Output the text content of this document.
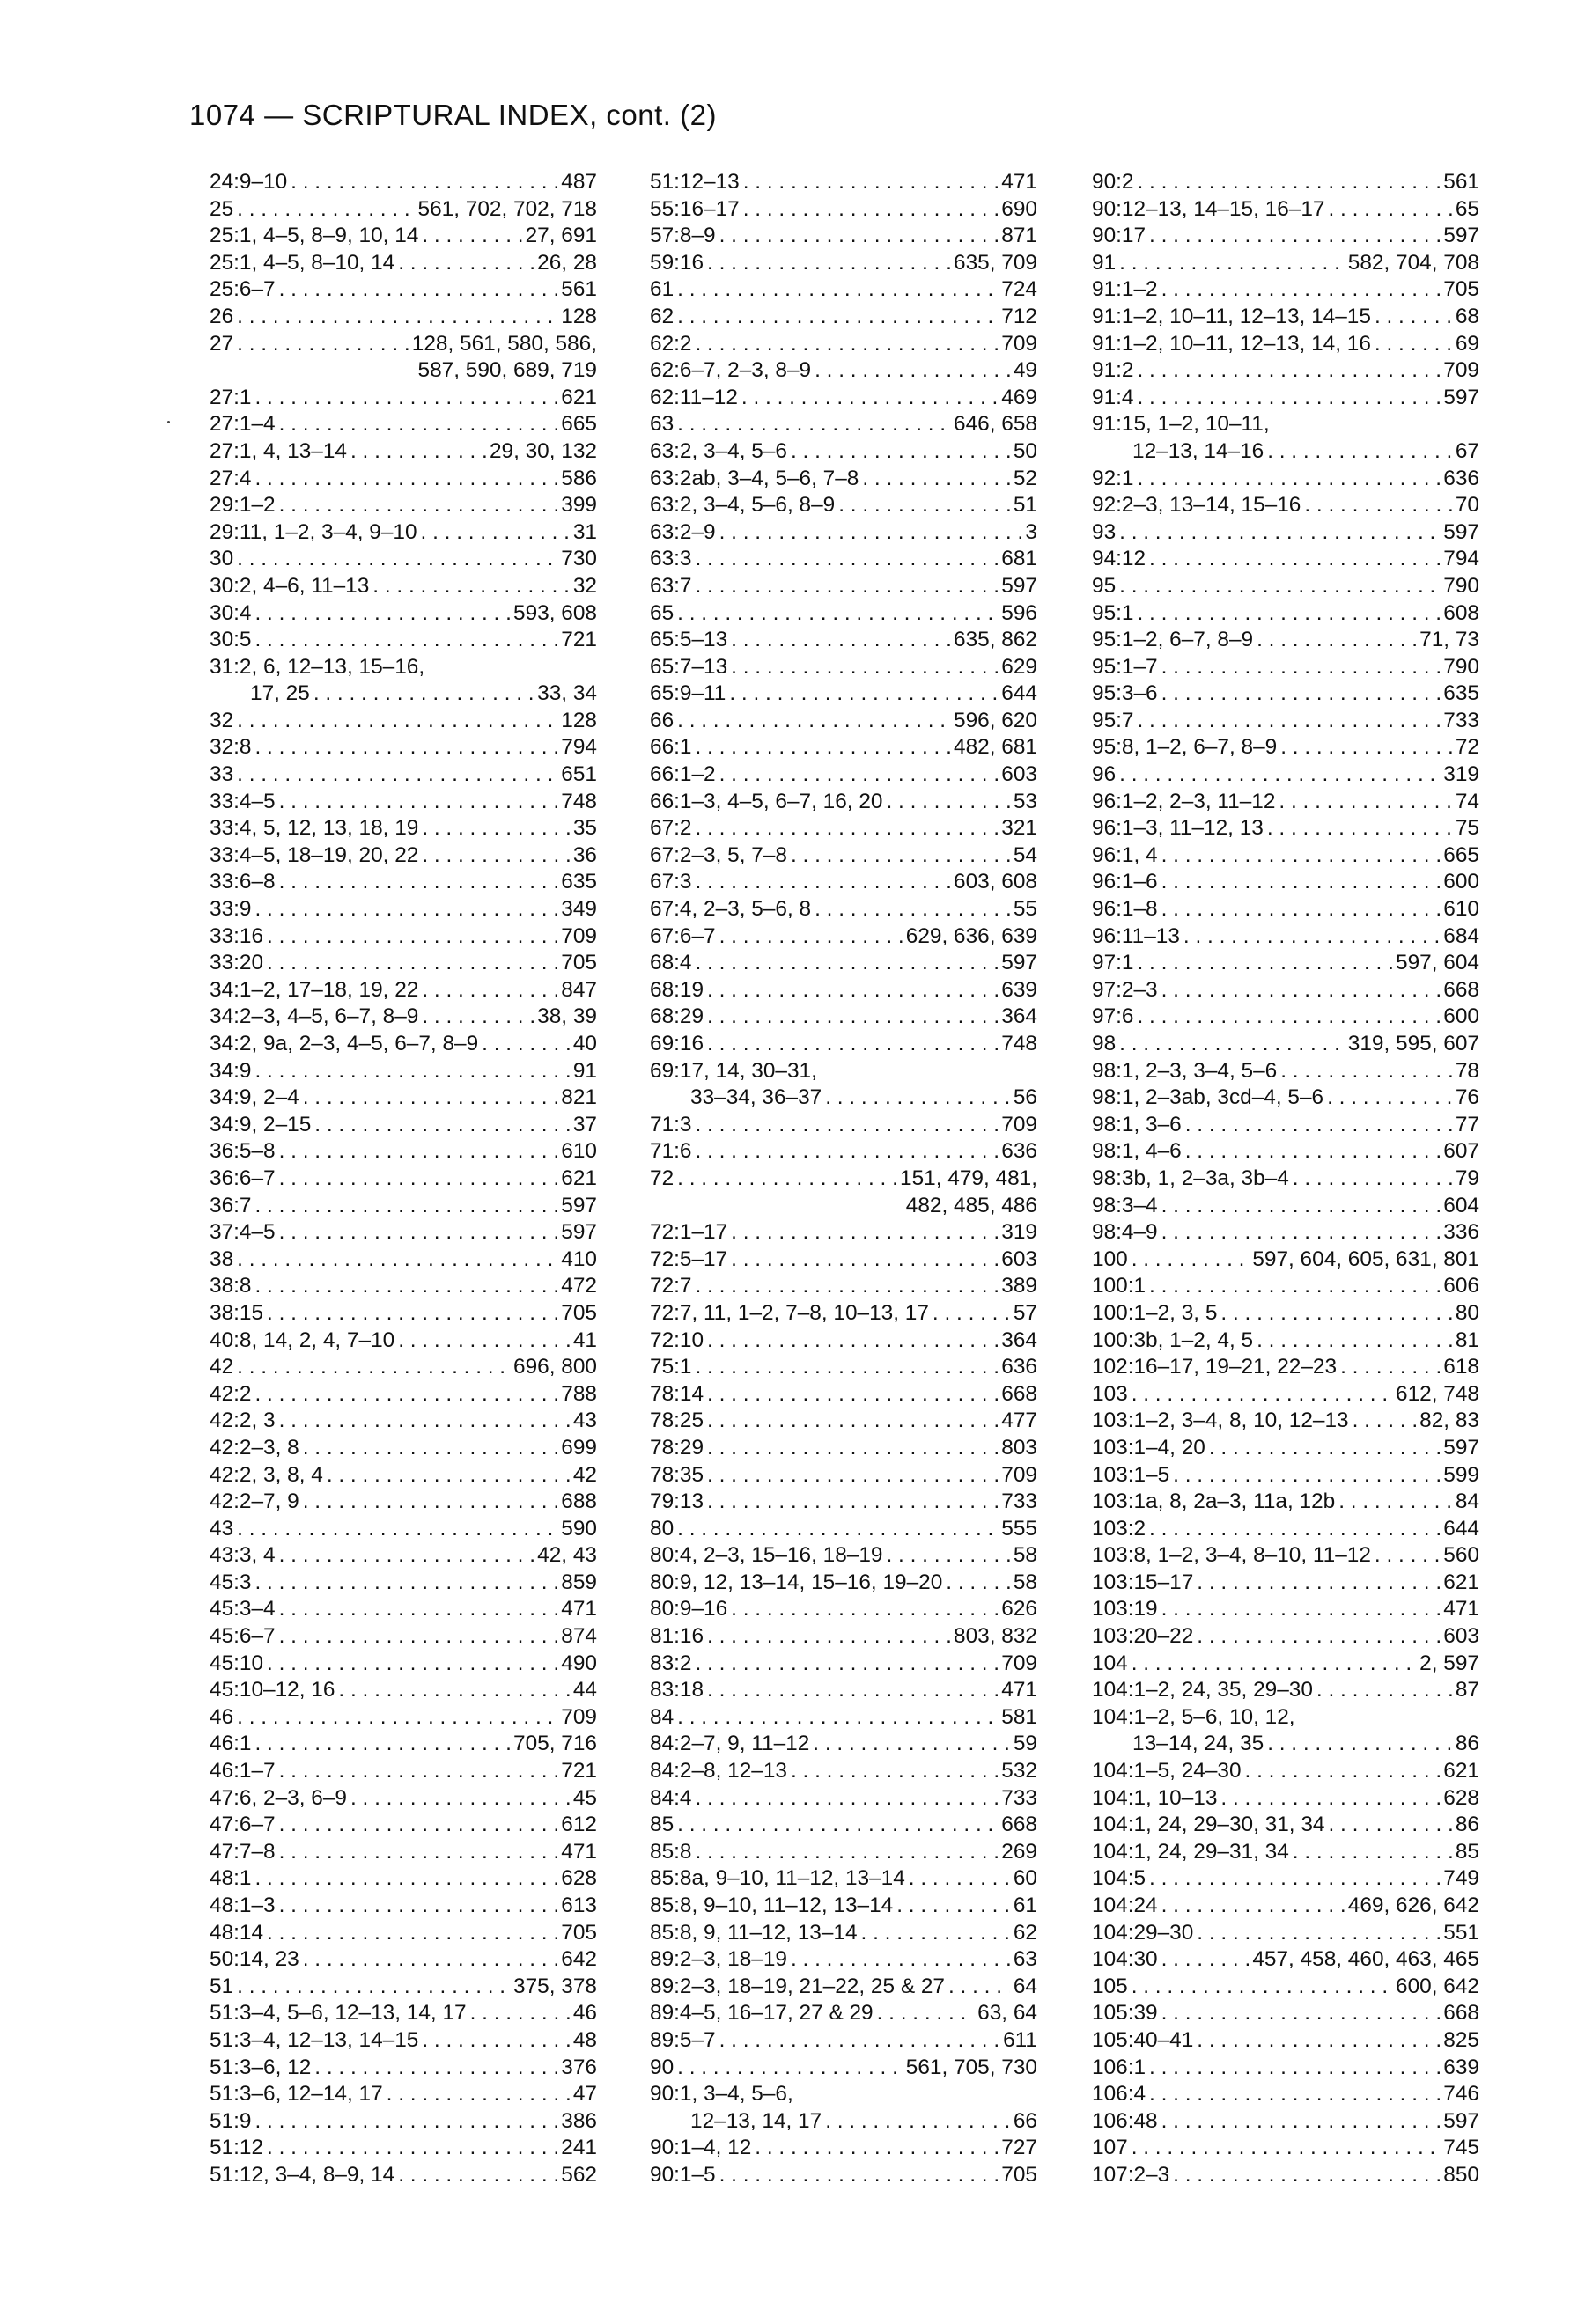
1074 — SCRIPTURAL INDEX, cont. (2)
24:9–10 . . .	487
25 . . .	561, 702, 702, 718
25:1, 4–5, 8–9, 10, 14 . . .	27, 691
25:1, 4–5, 8–10, 14 . . .	26, 28
25:6–7 . . .	561
26 . . .	128
27 . . .	128, 561, 580, 586,
587, 590, 689, 719
27:1 . . .	621
27:1–4 . . .	665
27:1, 4, 13–14 . . .	29, 30, 132
27:4 . . .	586
29:1–2 . . .	399
29:11, 1–2, 3–4, 9–10 . . .	31
30 . . .	730
30:2, 4–6, 11–13 . . .	32
30:4 . . .	593, 608
30:5 . . .	721
31:2, 6, 12–13, 15–16,
17, 25 . . .	33, 34
32 . . .	128
32:8 . . .	794
33 . . .	651
33:4–5 . . .	748
33:4, 5, 12, 13, 18, 19 . . .	35
33:4–5, 18–19, 20, 22 . . .	36
33:6–8 . . .	635
33:9 . . .	349
33:16 . . .	709
33:20 . . .	705
34:1–2, 17–18, 19, 22 . . .	847
34:2–3, 4–5, 6–7, 8–9 . . .	38, 39
34:2, 9a, 2–3, 4–5, 6–7, 8–9 . . .	40
34:9 . . .	91
34:9, 2–4 . . .	821
34:9, 2–15 . . .	37
36:5–8 . . .	610
36:6–7 . . .	621
36:7 . . .	597
37:4–5 . . .	597
38 . . .	410
38:8 . . .	472
38:15 . . .	705
40:8, 14, 2, 4, 7–10 . . .	41
42 . . .	696, 800
42:2 . . .	788
42:2, 3 . . .	43
42:2–3, 8 . . .	699
42:2, 3, 8, 4 . . .	42
42:2–7, 9 . . .	688
43 . . .	590
43:3, 4 . . .	42, 43
45:3 . . .	859
45:3–4 . . .	471
45:6–7 . . .	874
45:10 . . .	490
45:10–12, 16 . . .	44
46 . . .	709
46:1 . . .	705, 716
46:1–7 . . .	721
47:6, 2–3, 6–9 . . .	45
47:6–7 . . .	612
47:7–8 . . .	471
48:1 . . .	628
48:1–3 . . .	613
48:14 . . .	705
50:14, 23 . . .	642
51 . . .	375, 378
51:3–4, 5–6, 12–13, 14, 17 . . .	46
51:3–4, 12–13, 14–15 . . .	48
51:3–6, 12 . . .	376
51:3–6, 12–14, 17 . . .	47
51:9 . . .	386
51:12 . . .	241
51:12, 3–4, 8–9, 14 . . .	562
51:12–13 . . .	471
55:16–17 . . .	690
57:8–9 . . .	871
59:16 . . .	635, 709
61 . . .	724
62 . . .	712
62:2 . . .	709
62:6–7, 2–3, 8–9 . . .	49
62:11–12 . . .	469
63 . . .	646, 658
63:2, 3–4, 5–6 . . .	50
63:2ab, 3–4, 5–6, 7–8 . . .	52
63:2, 3–4, 5–6, 8–9 . . .	51
63:2–9 . . .	3
63:3 . . .	681
63:7 . . .	597
65 . . .	596
65:5–13 . . .	635, 862
65:7–13 . . .	629
65:9–11 . . .	644
66 . . .	596, 620
66:1 . . .	482, 681
66:1–2 . . .	603
66:1–3, 4–5, 6–7, 16, 20 . . .	53
67:2 . . .	321
67:2–3, 5, 7–8 . . .	54
67:3 . . .	603, 608
67:4, 2–3, 5–6, 8 . . .	55
67:6–7 . . .	629, 636, 639
68:4 . . .	597
68:19 . . .	639
68:29 . . .	364
69:16 . . .	748
69:17, 14, 30–31,
33–34, 36–37 . . .	56
71:3 . . .	709
71:6 . . .	636
72 . . .	151, 479, 481,
482, 485, 486
72:1–17 . . .	319
72:5–17 . . .	603
72:7 . . .	389
72:7, 11, 1–2, 7–8, 10–13, 17 . . .	57
72:10 . . .	364
75:1 . . .	636
78:14 . . .	668
78:25 . . .	477
78:29 . . .	803
78:35 . . .	709
79:13 . . .	733
80 . . .	555
80:4, 2–3, 15–16, 18–19 . . .	58
80:9, 12, 13–14, 15–16, 19–20 . . .	58
80:9–16 . . .	626
81:16 . . .	803, 832
83:2 . . .	709
83:18 . . .	471
84 . . .	581
84:2–7, 9, 11–12 . . .	59
84:2–8, 12–13 . . .	532
84:4 . . .	733
85 . . .	668
85:8 . . .	269
85:8a, 9–10, 11–12, 13–14 . . .	60
85:8, 9–10, 11–12, 13–14 . . .	61
85:8, 9, 11–12, 13–14 . . .	62
89:2–3, 18–19 . . .	63
89:2–3, 18–19, 21–22, 25 & 27 . . .	64
89:4–5, 16–17, 27 & 29 . . .	63, 64
89:5–7 . . .	611
90 . . .	561, 705, 730
90:1, 3–4, 5–6,
12–13, 14, 17 . . .	66
90:1–4, 12 . . .	727
90:1–5 . . .	705
90:2 . . .	561
90:12–13, 14–15, 16–17 . . .	65
90:17 . . .	597
91 . . .	582, 704, 708
91:1–2 . . .	705
91:1–2, 10–11, 12–13, 14–15 . . .	68
91:1–2, 10–11, 12–13, 14, 16 . . .	69
91:2 . . .	709
91:4 . . .	597
91:15, 1–2, 10–11,
12–13, 14–16 . . .	67
92:1 . . .	636
92:2–3, 13–14, 15–16 . . .	70
93 . . .	597
94:12 . . .	794
95 . . .	790
95:1 . . .	608
95:1–2, 6–7, 8–9 . . .	71, 73
95:1–7 . . .	790
95:3–6 . . .	635
95:7 . . .	733
95:8, 1–2, 6–7, 8–9 . . .	72
96 . . .	319
96:1–2, 2–3, 11–12 . . .	74
96:1–3, 11–12, 13 . . .	75
96:1, 4 . . .	665
96:1–6 . . .	600
96:1–8 . . .	610
96:11–13 . . .	684
97:1 . . .	597, 604
97:2–3 . . .	668
97:6 . . .	600
98 . . .	319, 595, 607
98:1, 2–3, 3–4, 5–6 . . .	78
98:1, 2–3ab, 3cd–4, 5–6 . . .	76
98:1, 3–6 . . .	77
98:1, 4–6 . . .	607
98:3b, 1, 2–3a, 3b–4 . . .	79
98:3–4 . . .	604
98:4–9 . . .	336
100 . . .	597, 604, 605, 631, 801
100:1 . . .	606
100:1–2, 3, 5 . . .	80
100:3b, 1–2, 4, 5 . . .	81
102:16–17, 19–21, 22–23 . . .	618
103 . . .	612, 748
103:1–2, 3–4, 8, 10, 12–13 . . .	82, 83
103:1–4, 20 . . .	597
103:1–5 . . .	599
103:1a, 8, 2a–3, 11a, 12b . . .	84
103:2 . . .	644
103:8, 1–2, 3–4, 8–10, 11–12 . . .	560
103:15–17 . . .	621
103:19 . . .	471
103:20–22 . . .	603
104 . . .	2, 597
104:1–2, 24, 35, 29–30 . . .	87
104:1–2, 5–6, 10, 12,
13–14, 24, 35 . . .	86
104:1–5, 24–30 . . .	621
104:1, 10–13 . . .	628
104:1, 24, 29–30, 31, 34 . . .	86
104:1, 24, 29–31, 34 . . .	85
104:5 . . .	749
104:24 . . .	469, 626, 642
104:29–30 . . .	551
104:30 . . .	457, 458, 460, 463, 465
105 . . .	600, 642
105:39 . . .	668
105:40–41 . . .	825
106:1 . . .	639
106:4 . . .	746
106:48 . . .	597
107 . . .	745
107:2–3 . . .	850
